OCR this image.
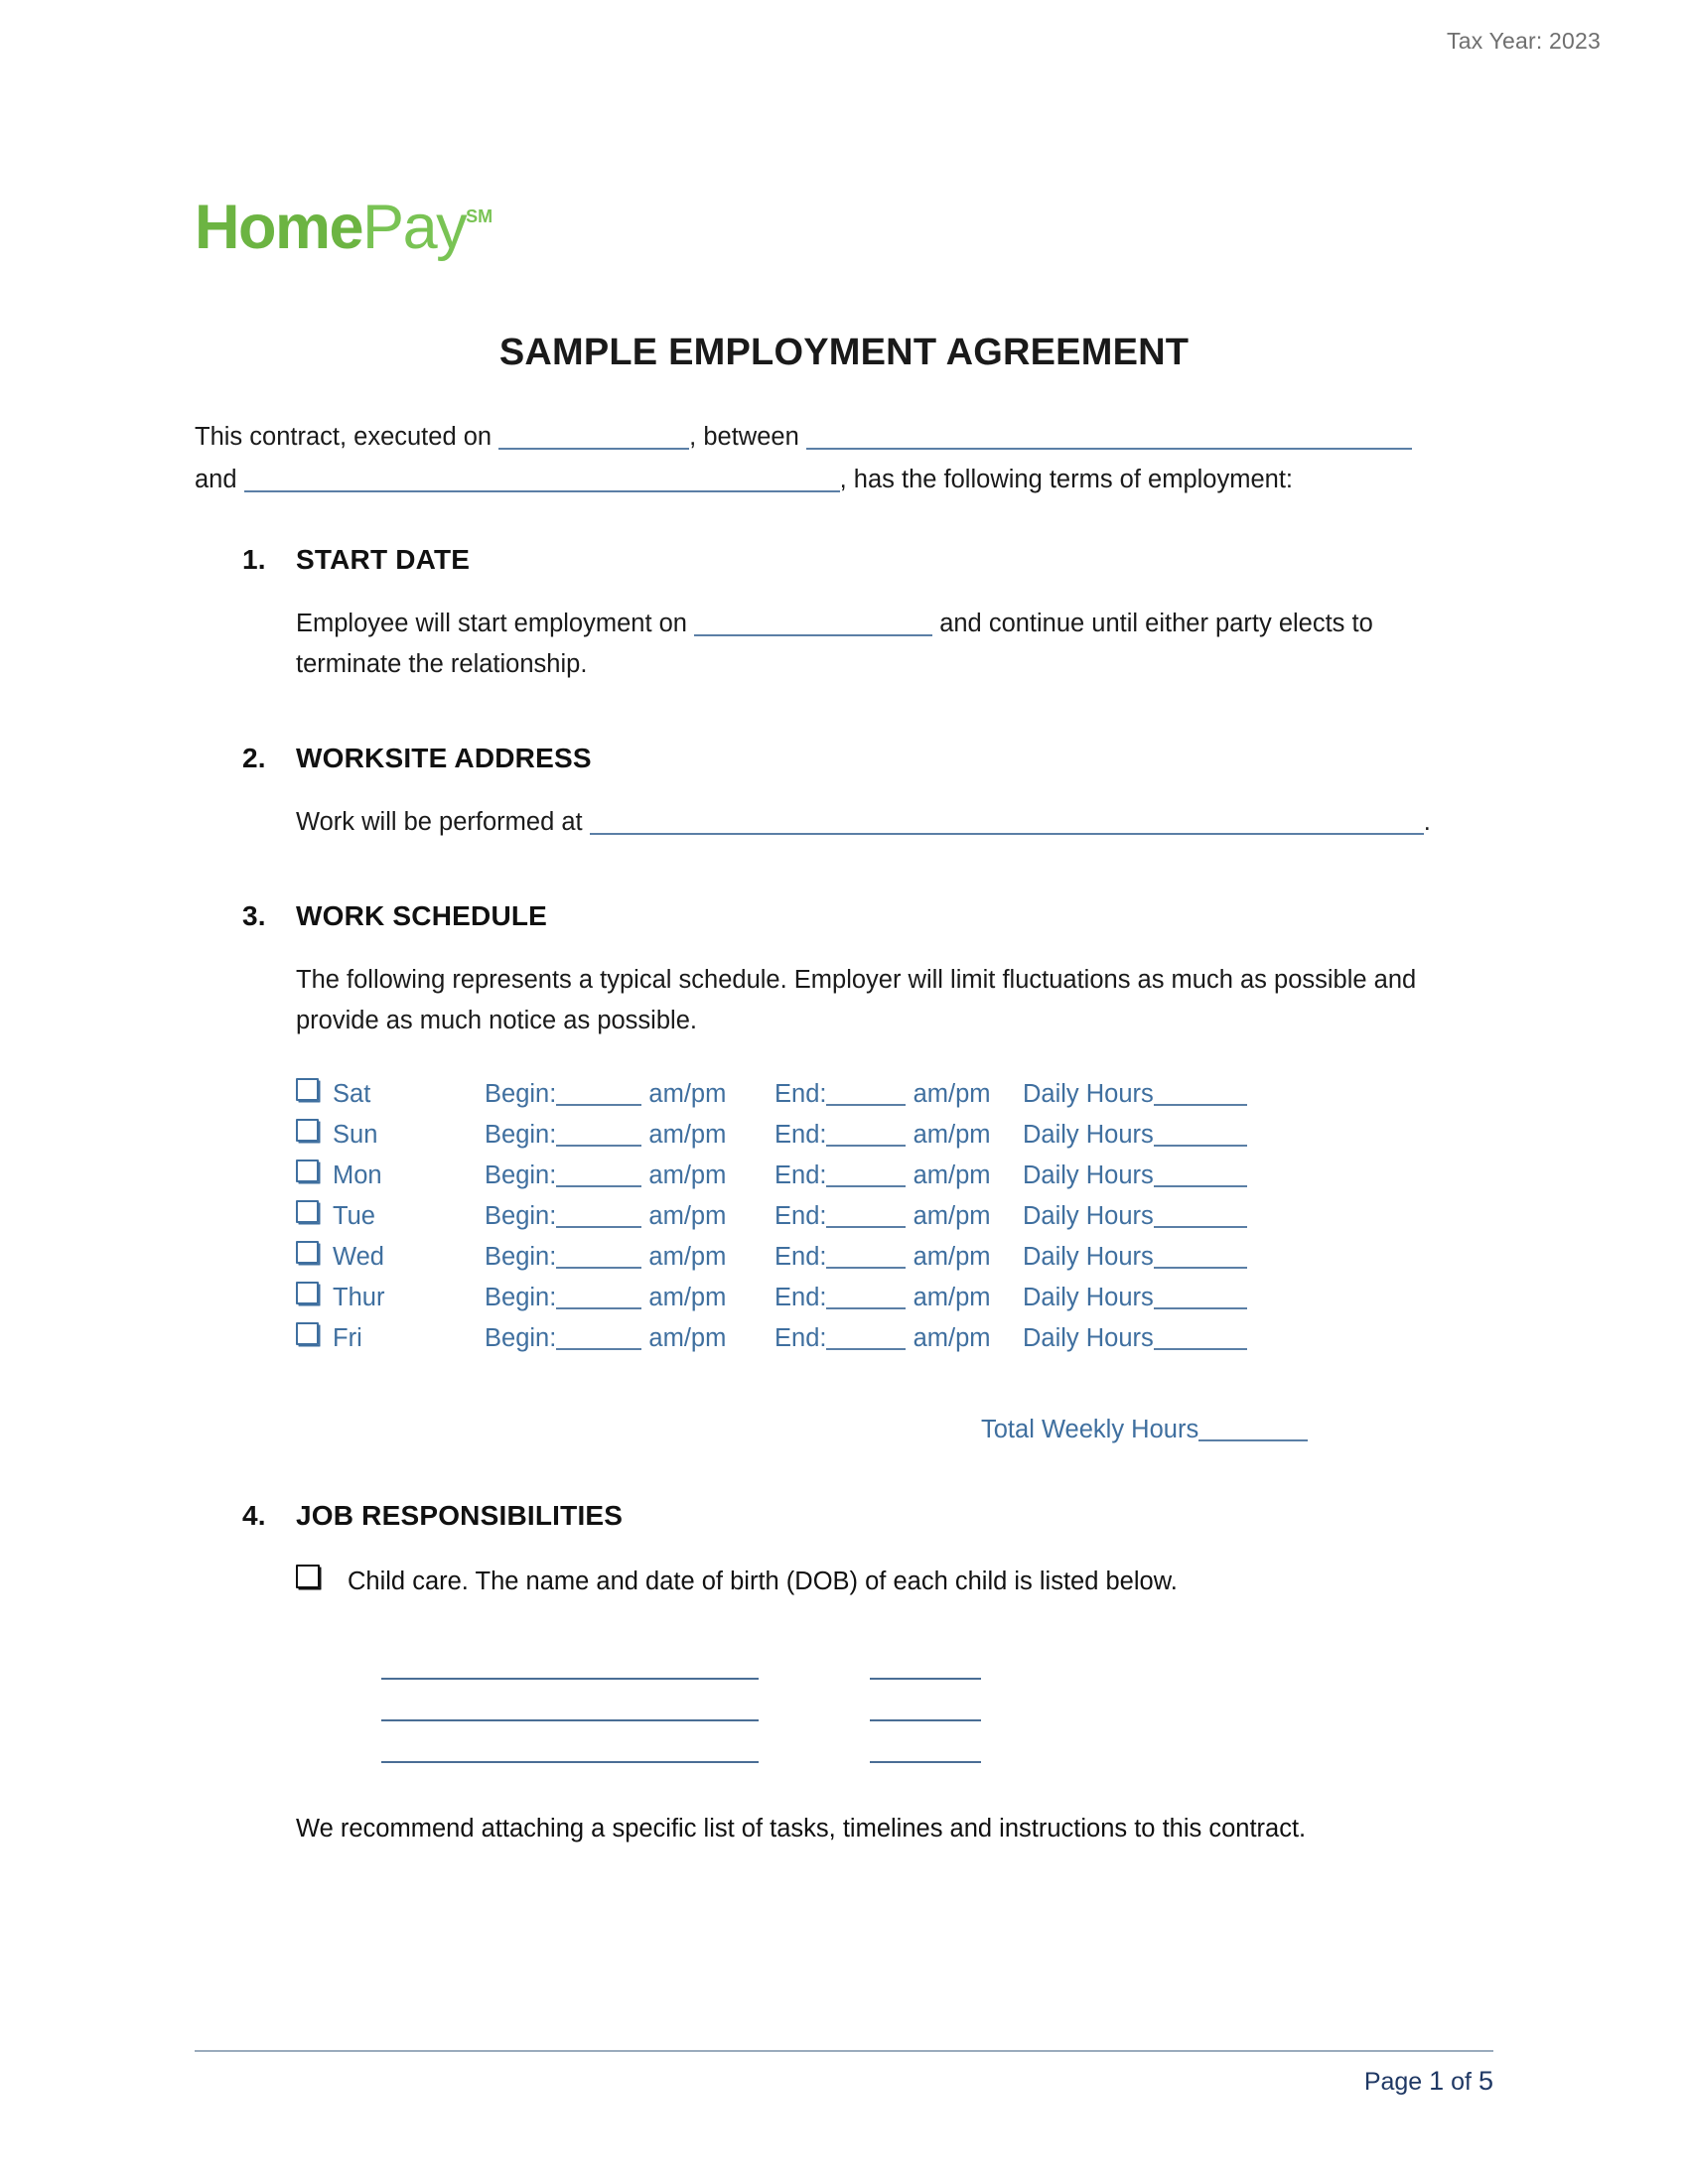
Tax Year: 2023
HomePay℠
SAMPLE EMPLOYMENT AGREEMENT
This contract, executed on	, between
and	, has the following terms of employment:
1. START DATE
Employee will start employment on	and continue until either party elects to terminate the relationship.
2. WORKSITE ADDRESS
Work will be performed at	.
3. WORK SCHEDULE
The following represents a typical schedule. Employer will limit fluctuations as much as possible and provide as much notice as possible.
Sat	Begin:	am/pm	End:	am/pm	Daily Hours
Sun	Begin:	am/pm	End:	am/pm	Daily Hours
Mon	Begin:	am/pm	End:	am/pm	Daily Hours
Tue	Begin:	am/pm	End:	am/pm	Daily Hours
Wed	Begin:	am/pm	End:	am/pm	Daily Hours
Thur	Begin:	am/pm	End:	am/pm	Daily Hours
Fri	Begin:	am/pm	End:	am/pm	Daily Hours
Total Weekly Hours
4. JOB RESPONSIBILITIES
Child care. The name and date of birth (DOB) of each child is listed below.
We recommend attaching a specific list of tasks, timelines and instructions to this contract.
Page 1 of 5
